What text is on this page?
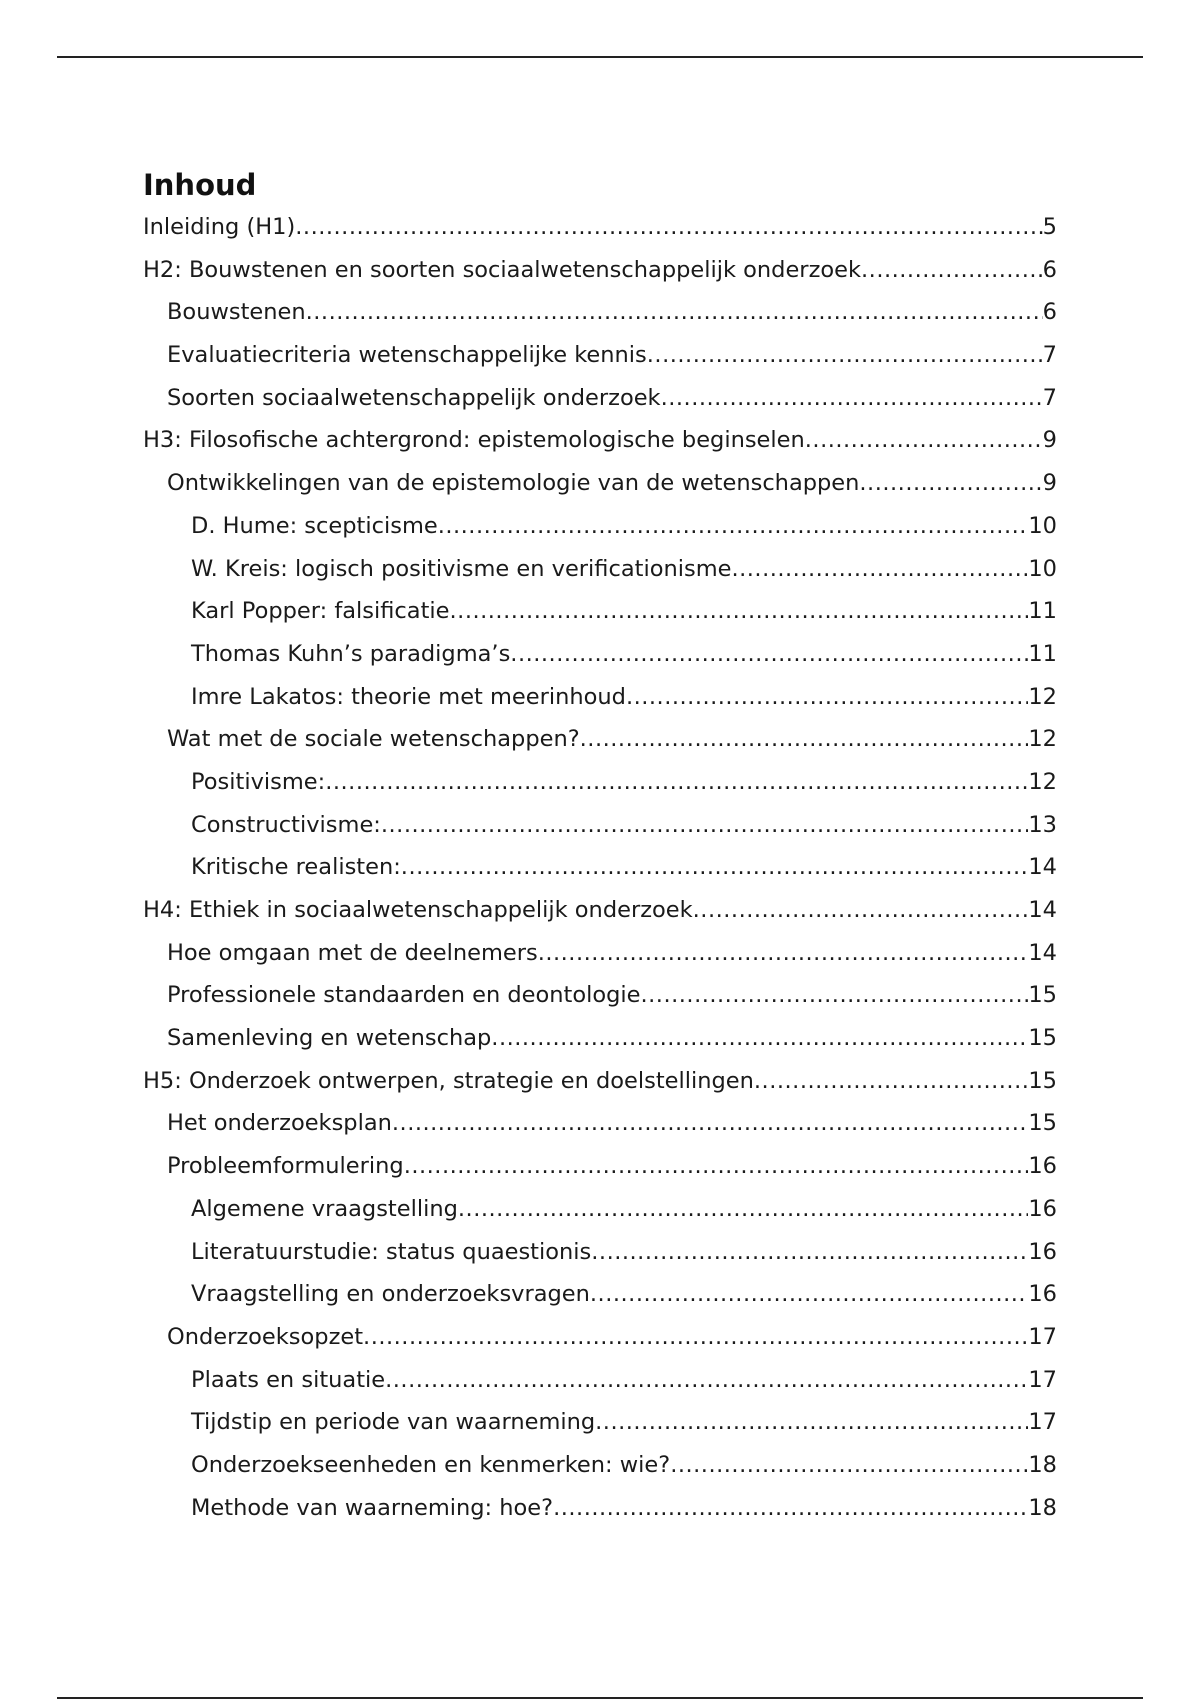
Inhoud
Inleiding (H1) .....	5
H2: Bouwstenen en soorten sociaalwetenschappelijk onderzoek .....	6
Bouwstenen .....	6
Evaluatiecriteria wetenschappelijke kennis .....	7
Soorten sociaalwetenschappelijk onderzoek .....	7
H3: Filosofische achtergrond: epistemologische beginselen .....	9
Ontwikkelingen van de epistemologie van de wetenschappen .....	9
D. Hume: scepticisme .....	10
W. Kreis: logisch positivisme en verificationisme .....	10
Karl Popper: falsificatie .....	11
Thomas Kuhn’s paradigma’s .....	11
Imre Lakatos: theorie met meerinhoud .....	12
Wat met de sociale wetenschappen? .....	12
Positivisme: .....	12
Constructivisme: .....	13
Kritische realisten: .....	14
H4: Ethiek in sociaalwetenschappelijk onderzoek .....	14
Hoe omgaan met de deelnemers .....	14
Professionele standaarden en deontologie .....	15
Samenleving en wetenschap .....	15
H5: Onderzoek ontwerpen, strategie en doelstellingen .....	15
Het onderzoeksplan .....	15
Probleemformulering .....	16
Algemene vraagstelling .....	16
Literatuurstudie: status quaestionis .....	16
Vraagstelling en onderzoeksvragen .....	16
Onderzoeksopzet .....	17
Plaats en situatie .....	17
Tijdstip en periode van waarneming .....	17
Onderzoekseenheden en kenmerken: wie? .....	18
Methode van waarneming: hoe? .....	18
